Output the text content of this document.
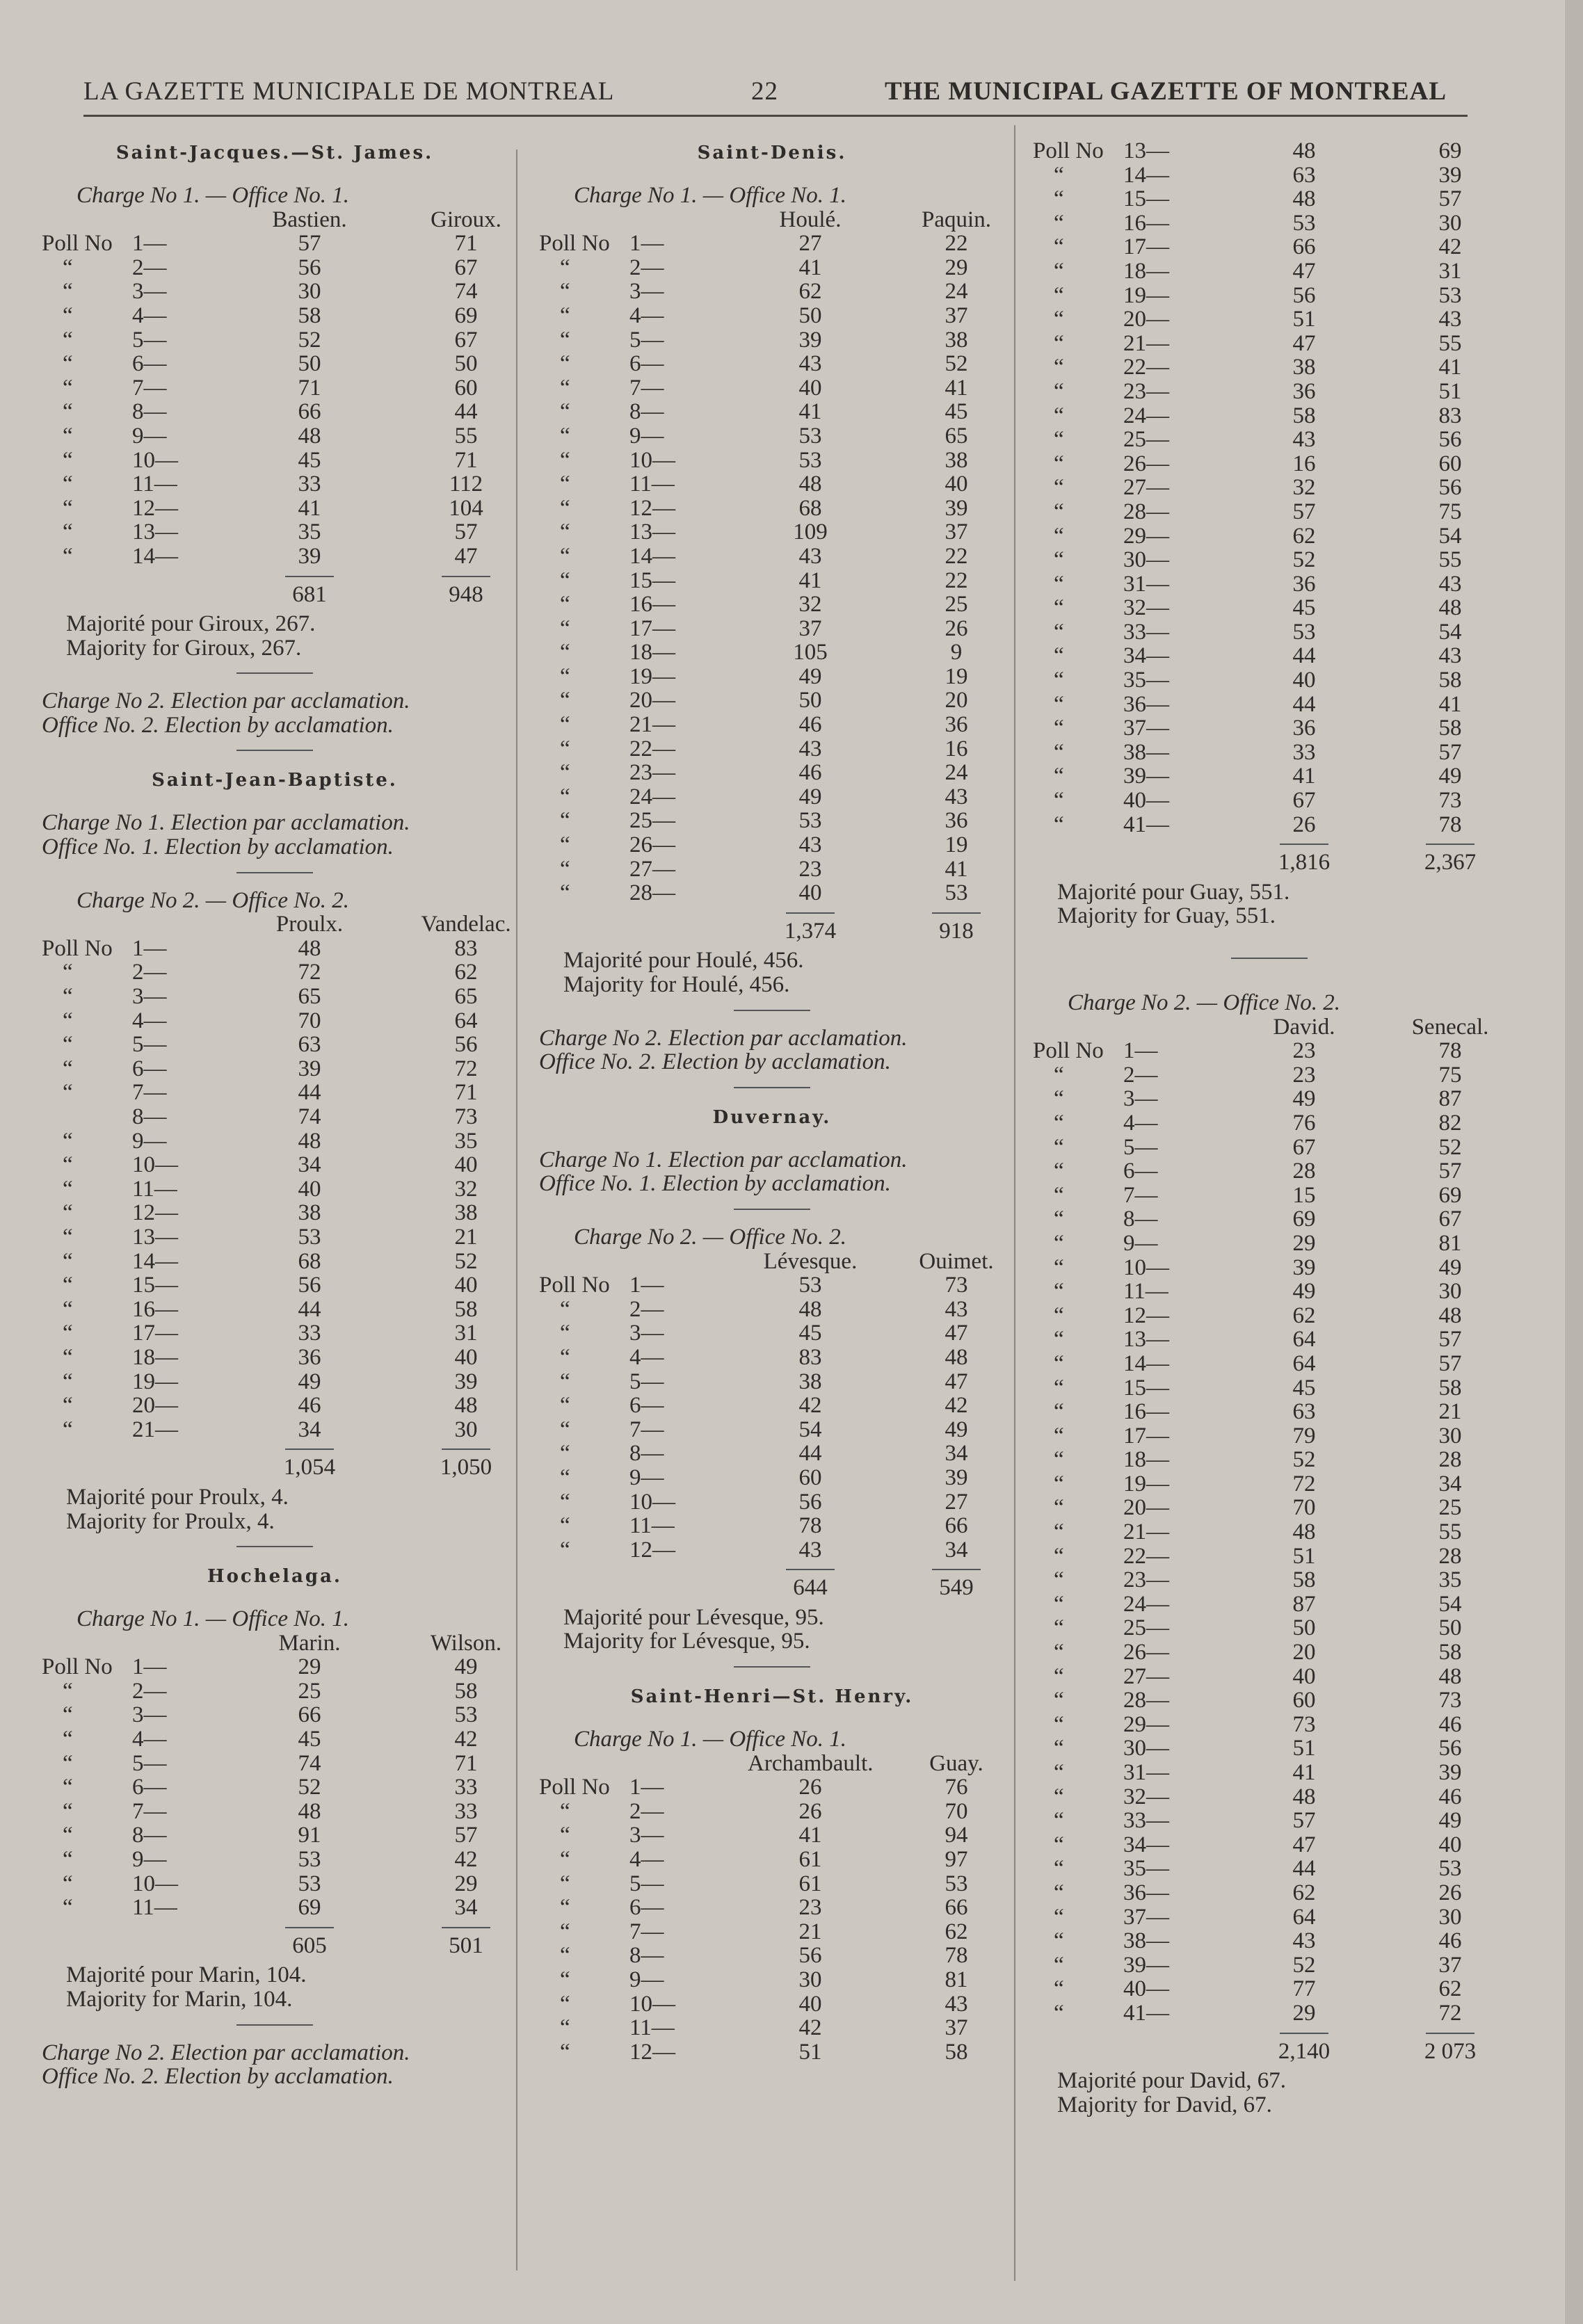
LA GAZETTE MUNICIPALE DE MONTREAL	22	THE MUNICIPAL GAZETTE OF MONTREAL
Saint-Jacques.—St. James.
Charge No 1. — Office No. 1.
Bastien.	Giroux.
Poll No 1—	57	71
“	2—	56	67
“	3—	30	74
“	4—	58	69
“	5—	52	67
“	6—	50	50
“	7—	71	60
“	8—	66	44
“	9—	48	55
“	10—	45	71
“	11—	33	112
“	12—	41	104
“	13—	35	57
“	14—	39	47
681	948
Majorité pour Giroux, 267.
Majority for Giroux, 267.
Charge No 2. Election par acclamation.
Office No. 2. Election by acclamation.
Saint-Jean-Baptiste.
Charge No 1. Election par acclamation.
Office No. 1. Election by acclamation.
Charge No 2. — Office No. 2.
Proulx.	Vandelac.
Poll No 1—	48	83
“	2—	72	62
“	3—	65	65
“	4—	70	64
“	5—	63	56
“	6—	39	72
“	7—	44	71
8—	74	73
“	9—	48	35
“	10—	34	40
“	11—	40	32
“	12—	38	38
“	13—	53	21
“	14—	68	52
“	15—	56	40
“	16—	44	58
“	17—	33	31
“	18—	36	40
“	19—	49	39
“	20—	46	48
“	21—	34	30
1,054	1,050
Majorité pour Proulx, 4.
Majority for Proulx, 4.
Hochelaga.
Charge No 1. — Office No. 1.
Marin.	Wilson.
Poll No 1—	29	49
“	2—	25	58
“	3—	66	53
“	4—	45	42
“	5—	74	71
“	6—	52	33
“	7—	48	33
“	8—	91	57
“	9—	53	42
“	10—	53	29
“	11—	69	34
605	501
Majorité pour Marin, 104.
Majority for Marin, 104.
Charge No 2. Election par acclamation.
Office No. 2. Election by acclamation.
Saint-Denis.
Charge No 1. — Office No. 1.
Houlé.	Paquin.
Poll No 1—	27	22
“	2—	41	29
“	3—	62	24
“	4—	50	37
“	5—	39	38
“	6—	43	52
“	7—	40	41
“	8—	41	45
“	9—	53	65
“	10—	53	38
“	11—	48	40
“	12—	68	39
“	13—	109	37
“	14—	43	22
“	15—	41	22
“	16—	32	25
“	17—	37	26
“	18—	105	9
“	19—	49	19
“	20—	50	20
“	21—	46	36
“	22—	43	16
“	23—	46	24
“	24—	49	43
“	25—	53	36
“	26—	43	19
“	27—	23	41
“	28—	40	53
1,374	918
Majorité pour Houlé, 456.
Majority for Houlé, 456.
Charge No 2. Election par acclamation.
Office No. 2. Election by acclamation.
Duvernay.
Charge No 1. Election par acclamation.
Office No. 1. Election by acclamation.
Charge No 2. — Office No. 2.
Lévesque.	Ouimet.
Poll No 1—	53	73
“	2—	48	43
“	3—	45	47
“	4—	83	48
“	5—	38	47
“	6—	42	42
“	7—	54	49
“	8—	44	34
“	9—	60	39
“	10—	56	27
“	11—	78	66
“	12—	43	34
644	549
Majorité pour Lévesque, 95.
Majority for Lévesque, 95.
Saint-Henri—St. Henry.
Charge No 1. — Office No. 1.
Archambault.	Guay.
Poll No 1—	26	76
“	2—	26	70
“	3—	41	94
“	4—	61	97
“	5—	61	53
“	6—	23	66
“	7—	21	62
“	8—	56	78
“	9—	30	81
“	10—	40	43
“	11—	42	37
“	12—	51	58
Poll No 13—	48	69
“	14—	63	39
“	15—	48	57
“	16—	53	30
“	17—	66	42
“	18—	47	31
“	19—	56	53
“	20—	51	43
“	21—	47	55
“	22—	38	41
“	23—	36	51
“	24—	58	83
“	25—	43	56
“	26—	16	60
“	27—	32	56
“	28—	57	75
“	29—	62	54
“	30—	52	55
“	31—	36	43
“	32—	45	48
“	33—	53	54
“	34—	44	43
“	35—	40	58
“	36—	44	41
“	37—	36	58
“	38—	33	57
“	39—	41	49
“	40—	67	73
“	41—	26	78
1,816	2,367
Majorité pour Guay, 551.
Majority for Guay, 551.
Charge No 2. — Office No. 2.
David.	Senecal.
Poll No 1—	23	78
“	2—	23	75
“	3—	49	87
“	4—	76	82
“	5—	67	52
“	6—	28	57
“	7—	15	69
“	8—	69	67
“	9—	29	81
“	10—	39	49
“	11—	49	30
“	12—	62	48
“	13—	64	57
“	14—	64	57
“	15—	45	58
“	16—	63	21
“	17—	79	30
“	18—	52	28
“	19—	72	34
“	20—	70	25
“	21—	48	55
“	22—	51	28
“	23—	58	35
“	24—	87	54
“	25—	50	50
“	26—	20	58
“	27—	40	48
“	28—	60	73
“	29—	73	46
“	30—	51	56
“	31—	41	39
“	32—	48	46
“	33—	57	49
“	34—	47	40
“	35—	44	53
“	36—	62	26
“	37—	64	30
“	38—	43	46
“	39—	52	37
“	40—	77	62
“	41—	29	72
2,140	2 073
Majorité pour David, 67.
Majority for David, 67.
